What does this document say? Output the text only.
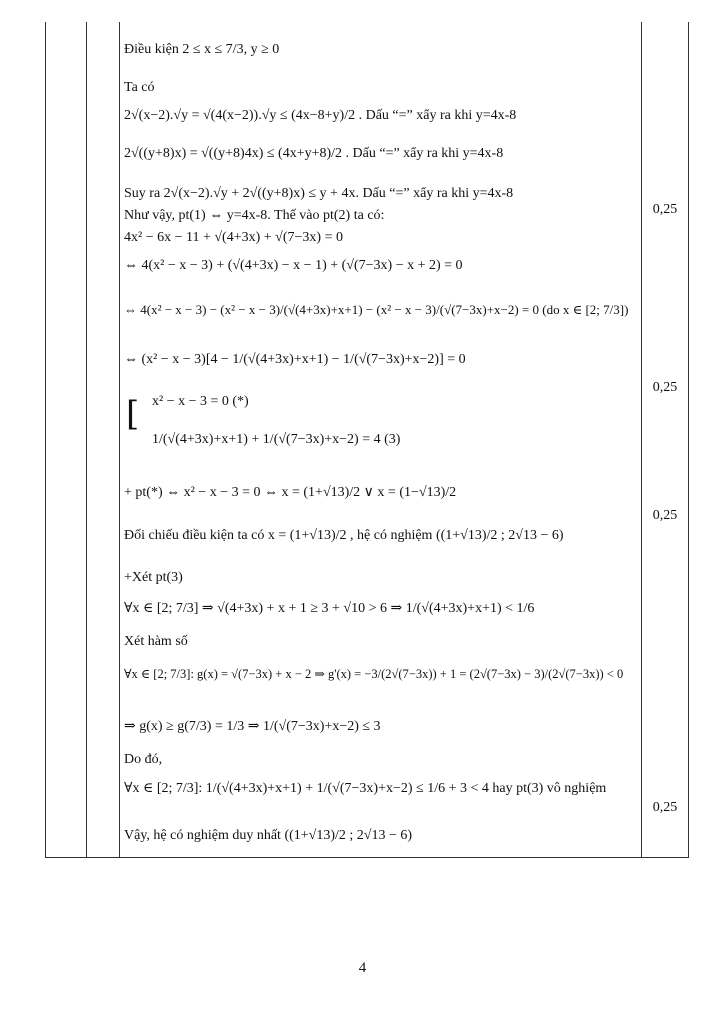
Điều kiện 2 ≤ x ≤ 7/3, y ≥ 0
Ta có
2√(x−2).√y = √(4(x−2)).√y ≤ (4x−8+y)/2 . Dấu “=” xẩy ra khi y=4x-8
2√((y+8)x) = √((y+8)4x) ≤ (4x+y+8)/2 . Dấu “=” xẩy ra khi y=4x-8
Suy ra 2√(x−2).√y + 2√((y+8)x) ≤ y + 4x. Dấu “=” xẩy ra khi y=4x-8
Như vậy, pt(1) ⇔ y=4x-8. Thế vào pt(2) ta có:
4x² − 6x − 11 + √(4+3x) + √(7−3x) = 0
⇔ 4(x² − x − 3) + (√(4+3x) − x − 1) + (√(7−3x) − x + 2) = 0
⇔ 4(x² − x − 3) − (x² − x − 3)/(√(4+3x)+x+1) − (x² − x − 3)/(√(7−3x)+x−2) = 0 (do x ∈ [2; 7/3])
⇔ (x² − x − 3)[4 − 1/(√(4+3x)+x+1) − 1/(√(7−3x)+x−2)] = 0
[ x² − x − 3 = 0 (*)
1/(√(4+3x)+x+1) + 1/(√(7−3x)+x−2) = 4 (3)
+ pt(*) ⇔ x² − x − 3 = 0 ⇔ x = (1+√13)/2 ∨ x = (1−√13)/2
Đối chiếu điều kiện ta có x = (1+√13)/2 , hệ có nghiệm ((1+√13)/2 ; 2√13 − 6)
+Xét pt(3)
∀x ∈ [2; 7/3] ⇒ √(4+3x) + x + 1 ≥ 3 + √10 > 6 ⇒ 1/(√(4+3x)+x+1) < 1/6
Xét hàm số
∀x ∈ [2; 7/3]: g(x) = √(7−3x) + x − 2 ⇒ g'(x) = −3/(2√(7−3x)) + 1 = (2√(7−3x) − 3)/(2√(7−3x)) < 0
⇒ g(x) ≥ g(7/3) = 1/3 ⇒ 1/(√(7−3x)+x−2) ≤ 3
Do đó,
∀x ∈ [2; 7/3]: 1/(√(4+3x)+x+1) + 1/(√(7−3x)+x−2) ≤ 1/6 + 3 < 4 hay pt(3) vô nghiệm
Vậy, hệ có nghiệm duy nhất ((1+√13)/2 ; 2√13 − 6)
0,25
0,25
0,25
0,25
4
